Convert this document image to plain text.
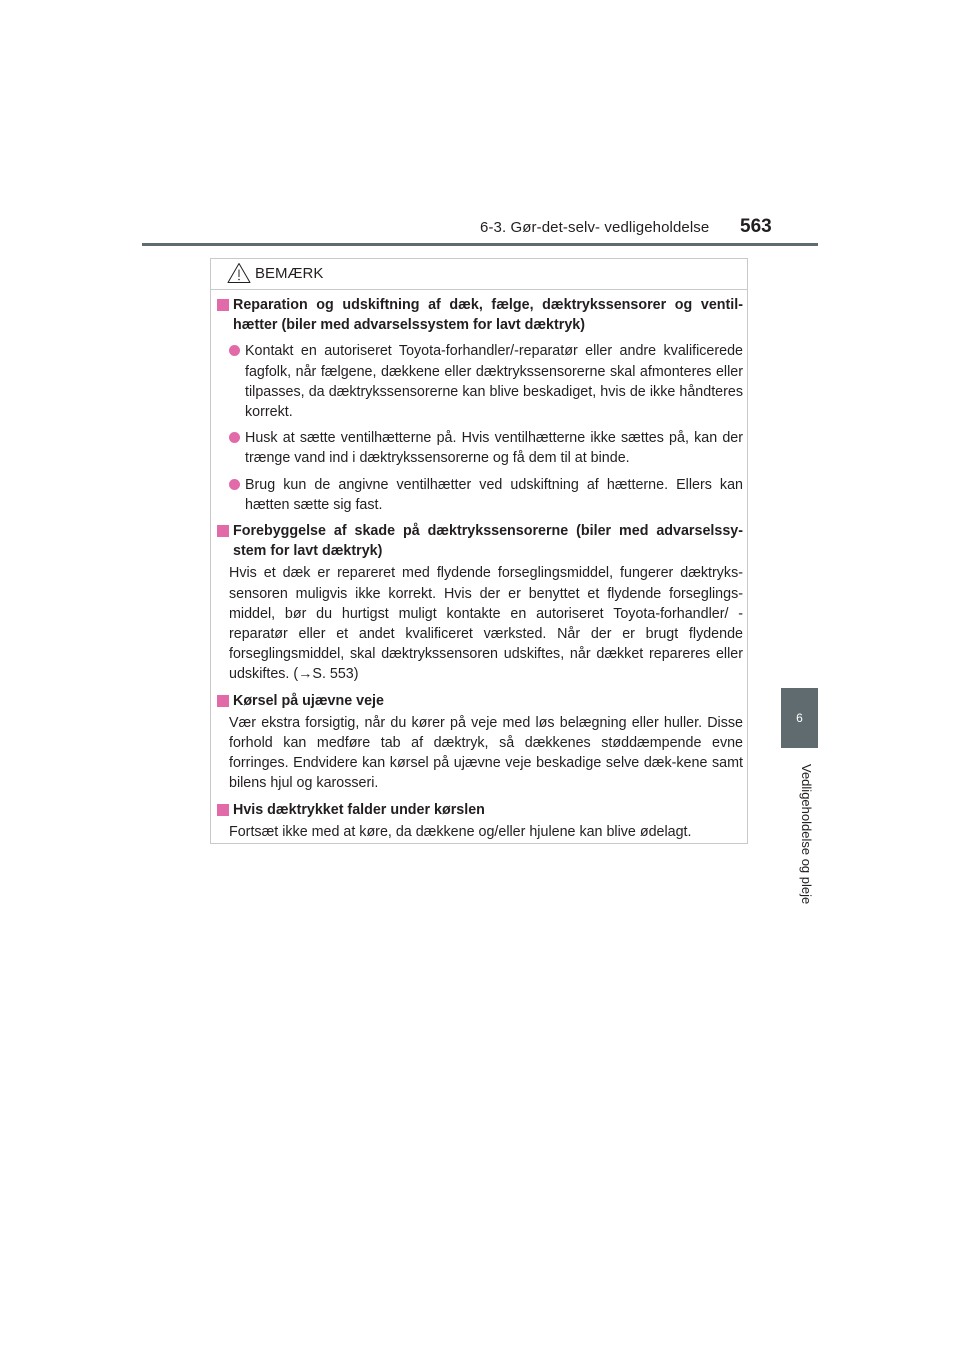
6-3. Gør-det-selv- vedligeholdelse 563
6
Vedligeholdelse og pleje
BEMÆRK
Reparation og udskiftning af dæk, fælge, dæktrykssensorer og ventil-hætter (biler med advarselssystem for lavt dæktryk)
Kontakt en autoriseret Toyota-forhandler/-reparatør eller andre kvalificerede fagfolk, når fælgene, dækkene eller dæktrykssensorerne skal afmonteres eller tilpasses, da dæktrykssensorerne kan blive beskadiget, hvis de ikke håndteres korrekt.
Husk at sætte ventilhætterne på. Hvis ventilhætterne ikke sættes på, kan der trænge vand ind i dæktrykssensorerne og få dem til at binde.
Brug kun de angivne ventilhætter ved udskiftning af hætterne. Ellers kan hætten sætte sig fast.
Forebyggelse af skade på dæktrykssensorerne (biler med advarselssy-stem for lavt dæktryk)
Hvis et dæk er repareret med flydende forseglingsmiddel, fungerer dæktryks-sensoren muligvis ikke korrekt. Hvis der er benyttet et flydende forseglings-middel, bør du hurtigst muligt kontakte en autoriseret Toyota-forhandler/ -reparatør eller et andet kvalificeret værksted. Når der er brugt flydende forseglingsmiddel, skal dæktrykssensoren udskiftes, når dækket repareres eller udskiftes. (→S. 553)
Kørsel på ujævne veje
Vær ekstra forsigtig, når du kører på veje med løs belægning eller huller. Disse forhold kan medføre tab af dæktryk, så dækkenes støddæmpende evne forringes. Endvidere kan kørsel på ujævne veje beskadige selve dæk-kene samt bilens hjul og karosseri.
Hvis dæktrykket falder under kørslen
Fortsæt ikke med at køre, da dækkene og/eller hjulene kan blive ødelagt.
